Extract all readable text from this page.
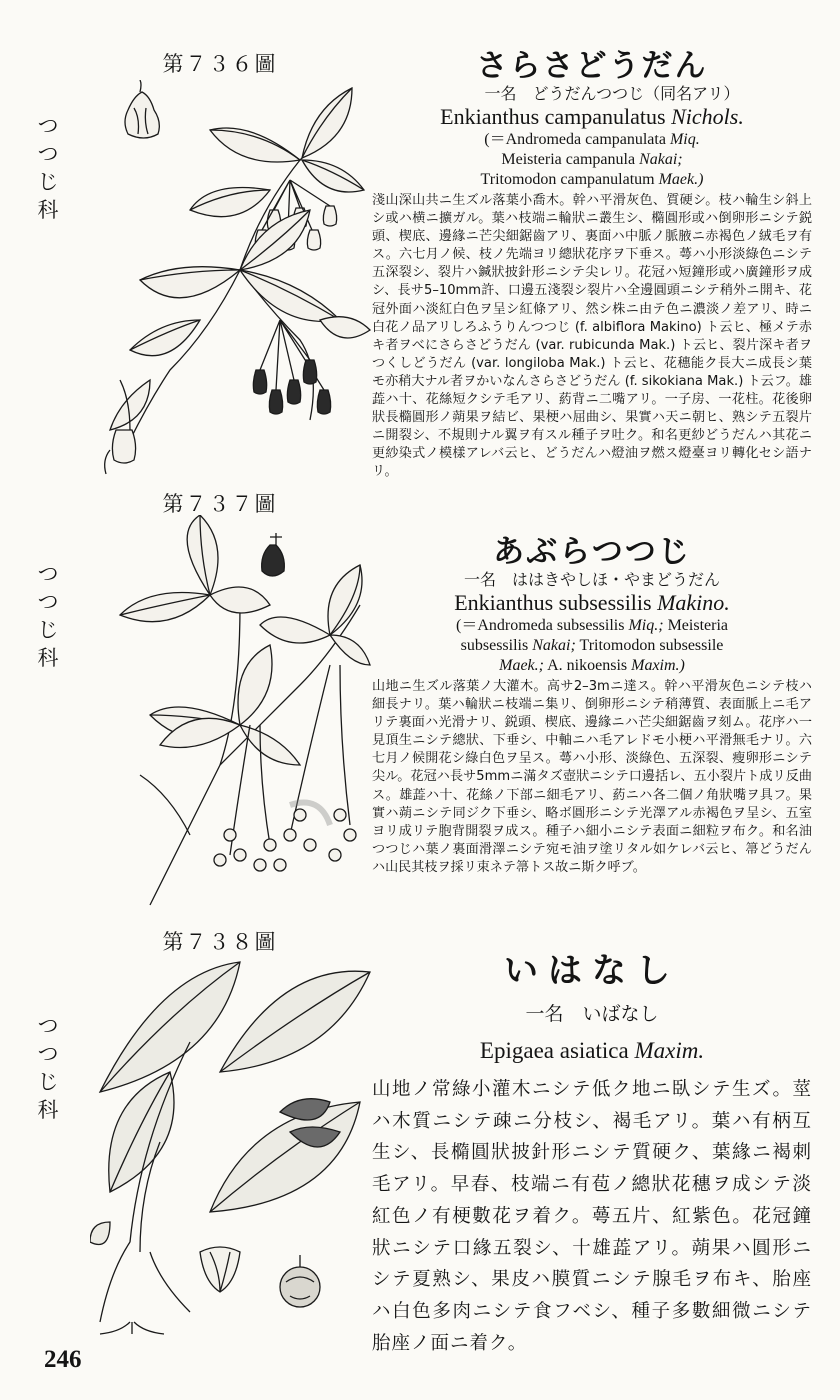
第７３６圖
つ
つ
じ
科
第７３７圖
つ
つ
じ
科
第７３８圖
つ
つ
じ
科
さらさどうだん
一名　どうだんつつじ（同名アリ）
Enkianthus campanulatus Nichols.
(＝Andromeda campanulata Miq.
Meisteria campanula Nakai;
Tritomodon campanulatum Maek.)
淺山深山共ニ生ズル落葉小喬木。幹ハ平滑灰色、質硬シ。枝ハ輪生シ斜上シ或ハ横ニ擴ガル。葉ハ枝端ニ輪狀ニ叢生シ、橢圓形或ハ倒卵形ニシテ鋭頭、楔底、邊緣ニ芒尖細鋸齒アリ、裏面ハ中脈ノ脈腋ニ赤褐色ノ絨毛ヲ有ス。六七月ノ候、枝ノ先端ヨリ總狀花序ヲ下垂ス。蕚ハ小形淡綠色ニシテ五深裂シ、裂片ハ鍼狀披針形ニシテ尖レリ。花冠ハ短鐘形或ハ廣鐘形ヲ成シ、長サ5–10mm許、口邊五淺裂シ裂片ハ全邊圓頭ニシテ稍外ニ開キ、花冠外面ハ淡紅白色ヲ呈シ紅條アリ、然シ株ニ由テ色ニ濃淡ノ差アリ、時ニ白花ノ品アリしろふうりんつつじ (f. albiflora Makino) ト云ヒ、極メテ赤キ者ヲべにさらさどうだん (var. rubicunda Mak.) ト云ヒ、裂片深キ者ヲつくしどうだん (var. longiloba Mak.) ト云ヒ、花穗能ク長大ニ成長シ葉モ亦稍大ナル者ヲかいなんさらさどうだん (f. sikokiana Mak.) ト云フ。雄蕋ハ十、花絲短クシテ毛アリ、葯背ニ二嘴アリ。一子房、一花柱。花後卵狀長橢圓形ノ蒴果ヲ結ビ、果梗ハ屈曲シ、果實ハ天ニ朝ヒ、熟シテ五裂片ニ開裂シ、不規則ナル翼ヲ有スル種子ヲ吐ク。和名更紗どうだんハ其花ニ更紗染式ノ模樣アレバ云ヒ、どうだんハ燈油ヲ燃ス燈臺ヨリ轉化セシ語ナリ。
あぶらつつじ
一名　ははきやしほ・やまどうだん
Enkianthus subsessilis Makino.
(＝Andromeda subsessilis Miq.; Meisteria
subsessilis Nakai; Tritomodon subsessile
Maek.; A. nikoensis Maxim.)
山地ニ生ズル落葉ノ大灌木。高サ2–3mニ達ス。幹ハ平滑灰色ニシテ枝ハ細長ナリ。葉ハ輪狀ニ枝端ニ集リ、倒卵形ニシテ稍薄質、表面脈上ニ毛アリテ裏面ハ光滑ナリ、鋭頭、楔底、邊緣ニハ芒尖細鋸齒ヲ刻ム。花序ハ一見頂生ニシテ總狀、下垂シ、中軸ニハ毛アレドモ小梗ハ平滑無毛ナリ。六七月ノ候開花シ綠白色ヲ呈ス。蕚ハ小形、淡綠色、五深裂、瘦卵形ニシテ尖ル。花冠ハ長サ5mmニ滿タズ壺狀ニシテ口邊括レ、五小裂片ト成リ反曲ス。雄蕋ハ十、花絲ノ下部ニ細毛アリ、葯ニハ各二個ノ角狀嘴ヲ具フ。果實ハ蒴ニシテ同ジク下垂シ、略ボ圓形ニシテ光澤アル赤褐色ヲ呈シ、五室ヨリ成リテ胞背開裂ヲ成ス。種子ハ細小ニシテ表面ニ細粒ヲ布ク。和名油つつじハ葉ノ裏面滑澤ニシテ宛モ油ヲ塗リタル如ケレバ云ヒ、箒どうだんハ山民其枝ヲ採リ束ネテ箒トス故ニ斯ク呼ブ。
いはなし
一名　いばなし
Epigaea asiatica Maxim.
山地ノ常綠小灌木ニシテ低ク地ニ臥シテ生ズ。莖ハ木質ニシテ疎ニ分枝シ、褐毛アリ。葉ハ有柄互生シ、長橢圓狀披針形ニシテ質硬ク、葉緣ニ褐刺毛アリ。早春、枝端ニ有苞ノ總狀花穗ヲ成シテ淡紅色ノ有梗數花ヲ着ク。蕚五片、紅紫色。花冠鐘狀ニシテ口緣五裂シ、十雄蕋アリ。蒴果ハ圓形ニシテ夏熟シ、果皮ハ膜質ニシテ腺毛ヲ布キ、胎座ハ白色多肉ニシテ食フベシ、種子多數細微ニシテ胎座ノ面ニ着ク。
246
